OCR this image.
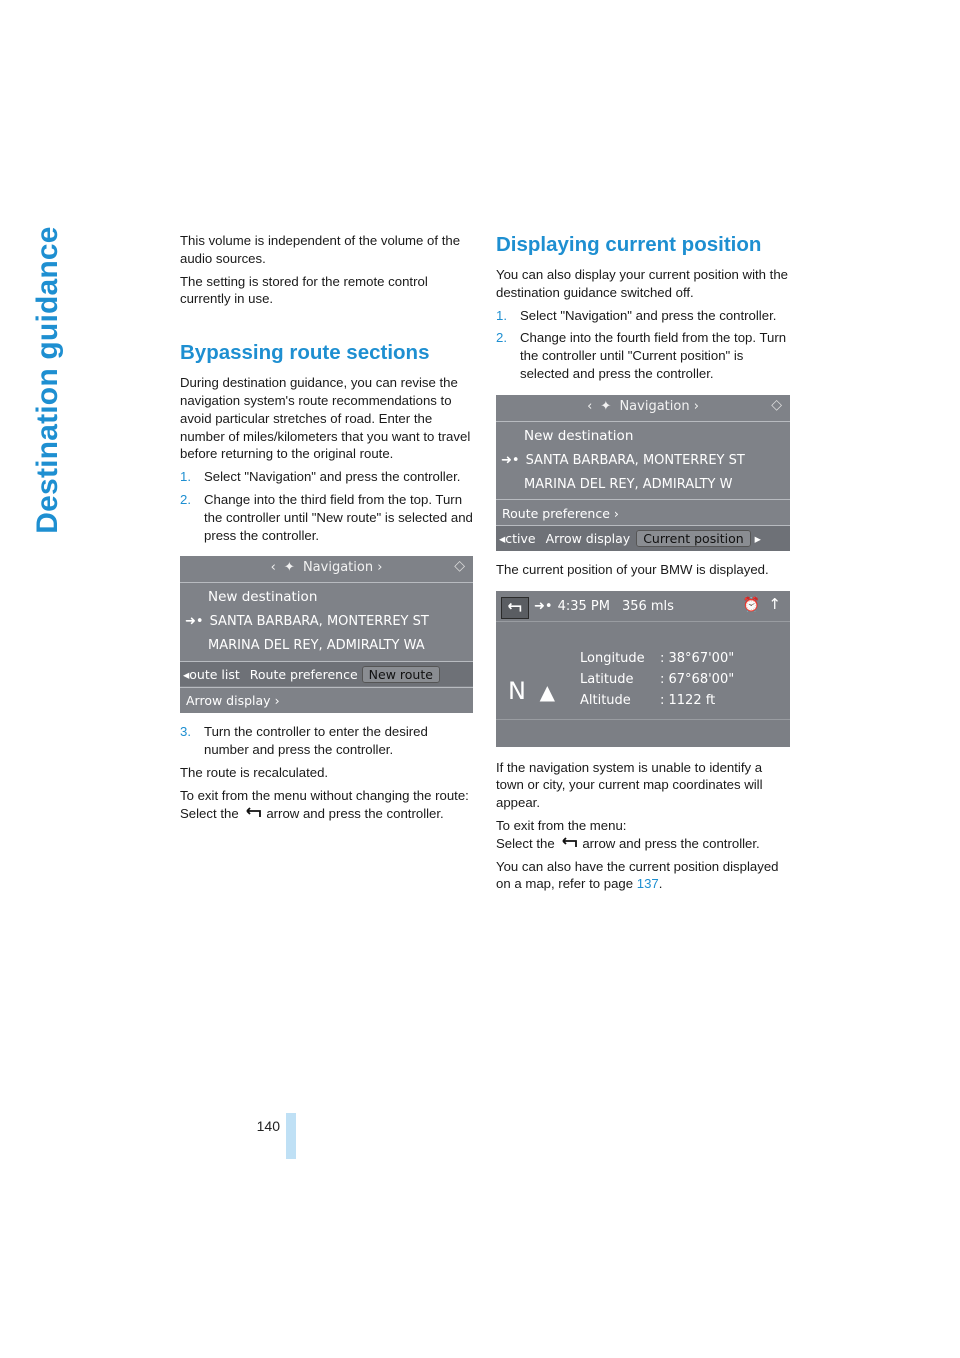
Destination guidance	This volume is independent of the volume of the audio sources.

The setting is stored for the remote control currently in use.

Bypassing route sections

During destination guidance, you can revise the navigation system's route recommendations to avoid particular stretches of road. Enter the number of miles/kilometers that you want to travel before returning to the original route.

1. Select "Navigation" and press the controller.
2. Change into the third field from the top. Turn the controller until "New route" is selected and press the controller.
‹ ✦ Navigation ›	◇
New destination
➜• SANTA BARBARA, MONTERREY ST
MARINA DEL REY, ADMIRALTY WA
◂oute list Route preference New route
Arrow display ›
3. Turn the controller to enter the desired number and press the controller.

The route is recalculated.

To exit from the menu without changing the route:

Select the arrow and press the controller.

Displaying current position

You can also display your current position with the destination guidance switched off.

1. Select "Navigation" and press the controller.
2. Change into the fourth field from the top. Turn the controller until "Current position" is selected and press the controller.
‹ ✦ Navigation ›	◇
New destination
➜• SANTA BARBARA, MONTERREY ST
MARINA DEL REY, ADMIRALTY W
Route preference ›
◂ctive Arrow display Current position ▸

The current position of your BMW is displayed.

➜• 4:35 PM 356 mls	⏰ ↑
N ▲
Longitude : 38°67'00"
Latitude : 67°68'00"
Altitude : 1122 ft

If the navigation system is unable to identify a town or city, your current map coordinates will appear.

To exit from the menu:

Select the arrow and press the controller.

You can also have the current position displayed on a map, refer to page 137.

140
